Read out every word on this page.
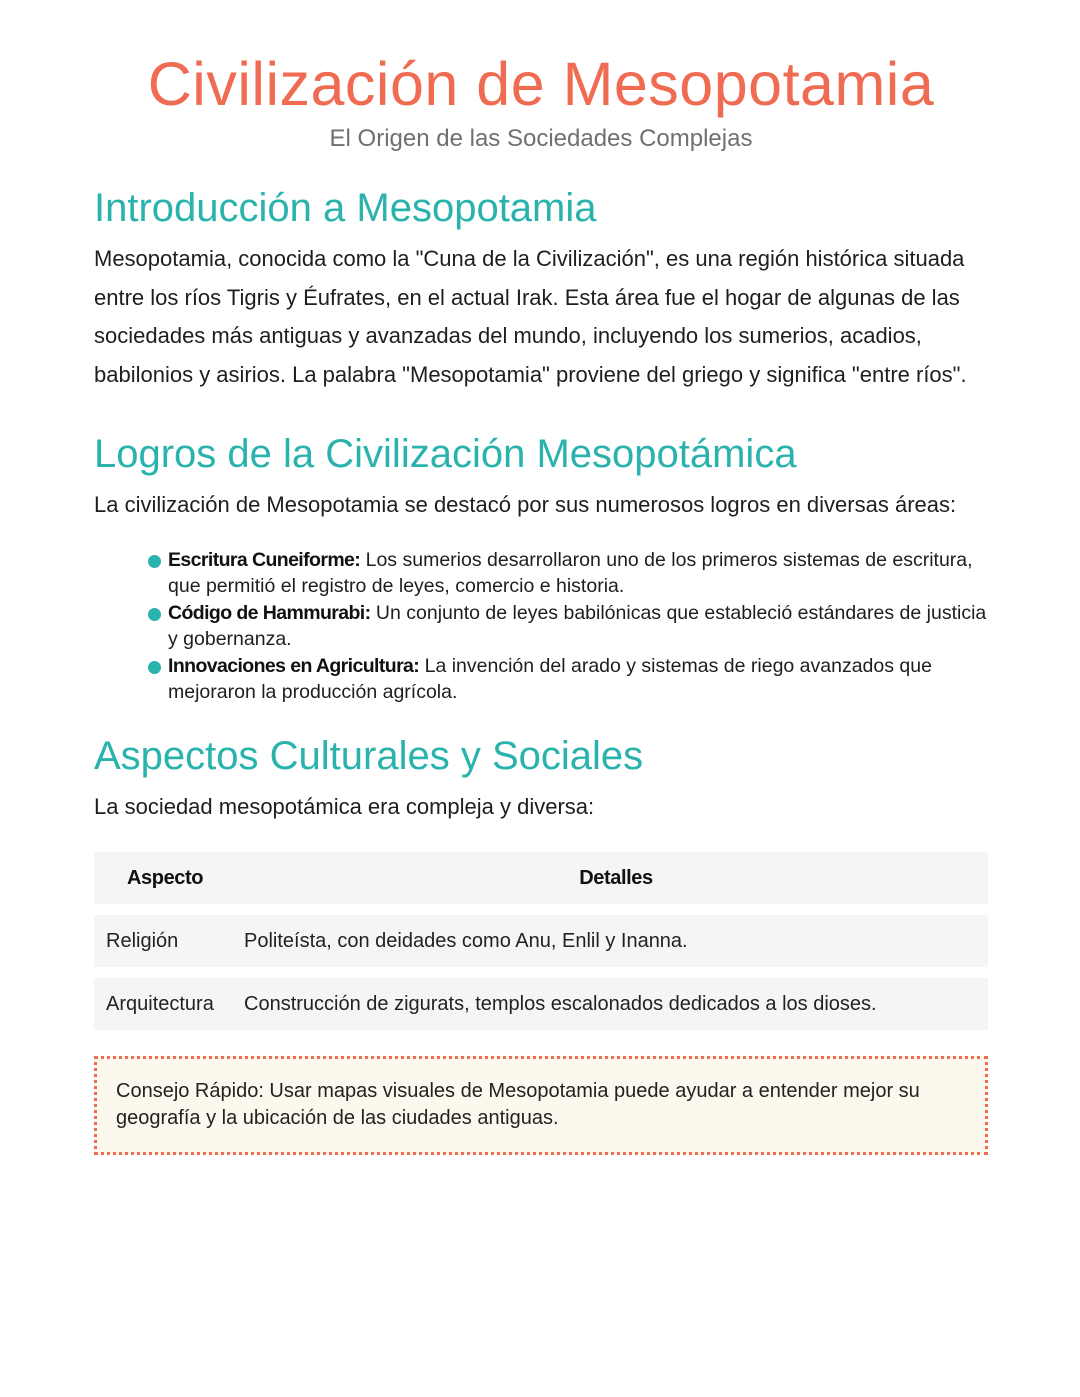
Civilización de Mesopotamia
El Origen de las Sociedades Complejas
Introducción a Mesopotamia

Mesopotamia, conocida como la "Cuna de la Civilización", es una región histórica situada entre los ríos Tigris y Éufrates, en el actual Irak. Esta área fue el hogar de algunas de las sociedades más antiguas y avanzadas del mundo, incluyendo los sumerios, acadios, babilonios y asirios. La palabra "Mesopotamia" proviene del griego y significa "entre ríos".

Logros de la Civilización Mesopotámica

La civilización de Mesopotamia se destacó por sus numerosos logros en diversas áreas:

Escritura Cuneiforme: Los sumerios desarrollaron uno de los primeros sistemas de escritura, que permitió el registro de leyes, comercio e historia.
Código de Hammurabi: Un conjunto de leyes babilónicas que estableció estándares de justicia y gobernanza.
Innovaciones en Agricultura: La invención del arado y sistemas de riego avanzados que mejoraron la producción agrícola.
Aspectos Culturales y Sociales

La sociedad mesopotámica era compleja y diversa:

Aspecto	Detalles
Religión	Politeísta, con deidades como Anu, Enlil y Inanna.
Arquitectura	Construcción de zigurats, templos escalonados dedicados a los dioses.
Consejo Rápido: Usar mapas visuales de Mesopotamia puede ayudar a entender mejor su geografía y la ubicación de las ciudades antiguas.
